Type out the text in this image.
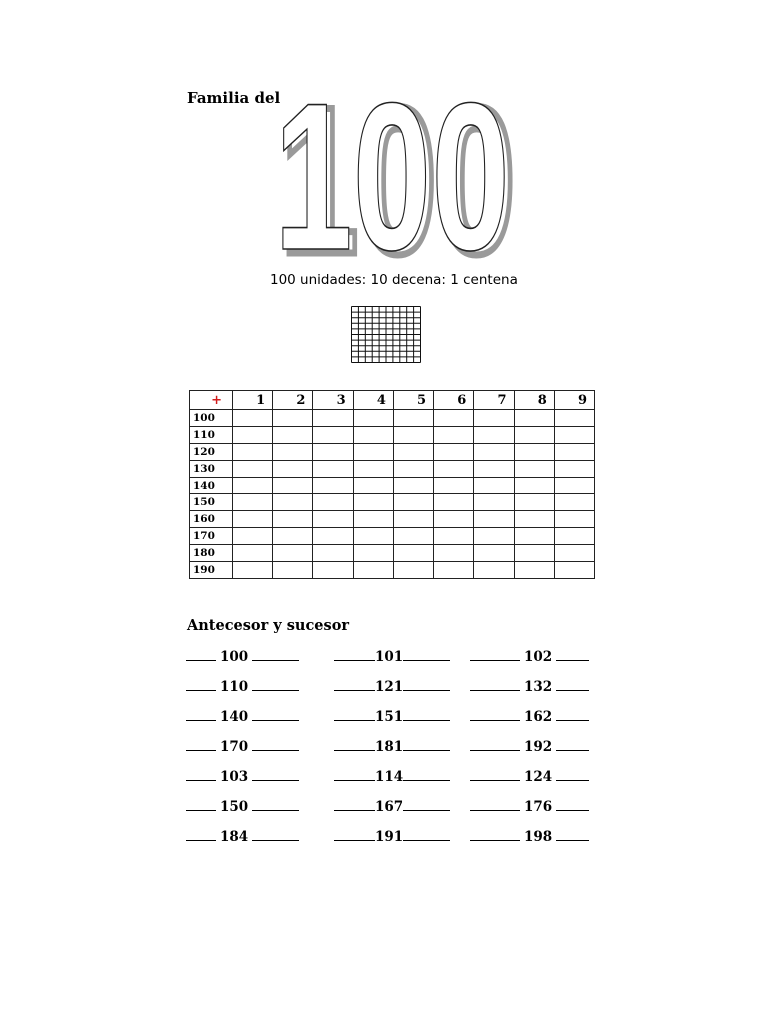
Familia del 100
100
100 unidades: 10 decena: 1 centena
+	1	2	3	4	5	6	7	8	9
100									
110									
120									
130									
140									
150									
160									
170									
180									
190									
Antecesor y sucesor
100	101	102
110	121	132
140	151	162
170	181	192
103	114	124
150	167	176
184	191	198
